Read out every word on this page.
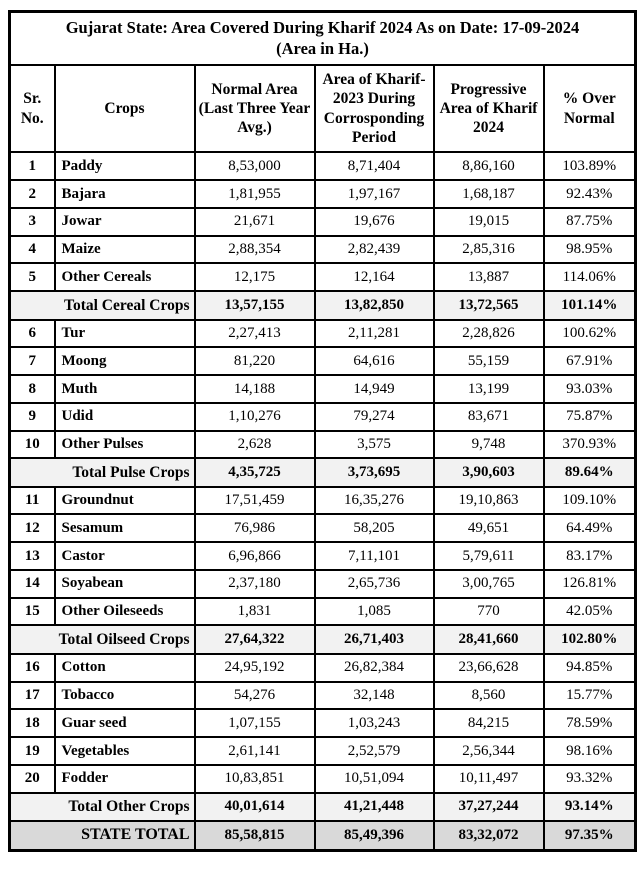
Gujarat State: Area Covered During Kharif 2024 As on Date: 17-09-2024
(Area in Ha.)					
Sr. No.	Crops	Normal Area (Last Three Year Avg.)	Area of Kharif-2023 During Corrosponding Period	Progressive Area of Kharif 2024	% Over Normal
1	Paddy	8,53,000	8,71,404	8,86,160	103.89%
2	Bajara	1,81,955	1,97,167	1,68,187	92.43%
3	Jowar	21,671	19,676	19,015	87.75%
4	Maize	2,88,354	2,82,439	2,85,316	98.95%
5	Other Cereals	12,175	12,164	13,887	114.06%
Total Cereal Crops		13,57,155	13,82,850	13,72,565	101.14%
6	Tur	2,27,413	2,11,281	2,28,826	100.62%
7	Moong	81,220	64,616	55,159	67.91%
8	Muth	14,188	14,949	13,199	93.03%
9	Udid	1,10,276	79,274	83,671	75.87%
10	Other Pulses	2,628	3,575	9,748	370.93%
Total Pulse Crops		4,35,725	3,73,695	3,90,603	89.64%
11	Groundnut	17,51,459	16,35,276	19,10,863	109.10%
12	Sesamum	76,986	58,205	49,651	64.49%
13	Castor	6,96,866	7,11,101	5,79,611	83.17%
14	Soyabean	2,37,180	2,65,736	3,00,765	126.81%
15	Other Oileseeds	1,831	1,085	770	42.05%
Total Oilseed Crops		27,64,322	26,71,403	28,41,660	102.80%
16	Cotton	24,95,192	26,82,384	23,66,628	94.85%
17	Tobacco	54,276	32,148	8,560	15.77%
18	Guar seed	1,07,155	1,03,243	84,215	78.59%
19	Vegetables	2,61,141	2,52,579	2,56,344	98.16%
20	Fodder	10,83,851	10,51,094	10,11,497	93.32%
Total Other Crops		40,01,614	41,21,448	37,27,244	93.14%
STATE TOTAL		85,58,815	85,49,396	83,32,072	97.35%
